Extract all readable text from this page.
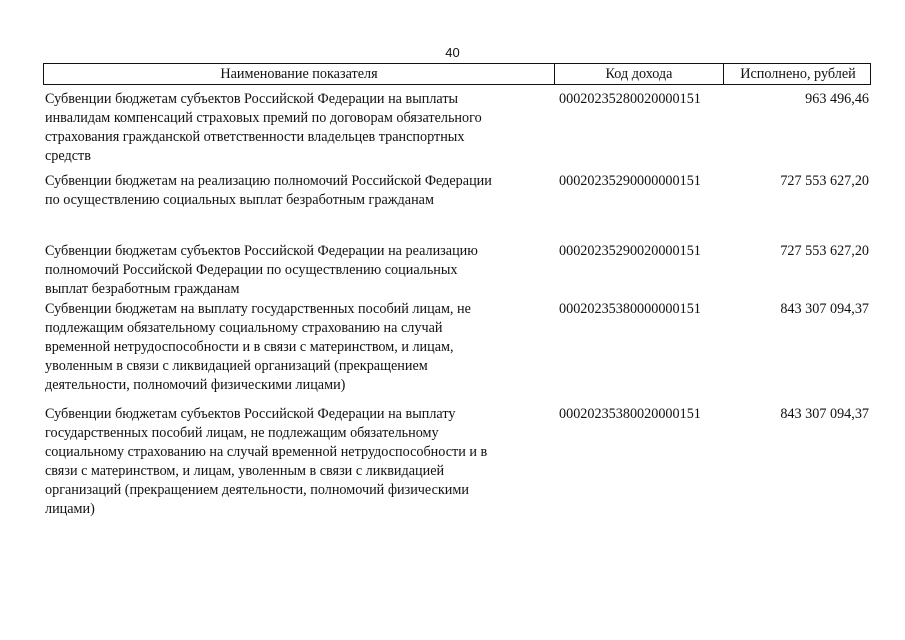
40
Наименование показателя	Код дохода	Исполнено, рублей
Субвенции бюджетам субъектов Российской Федерации на выплаты
инвалидам компенсаций страховых премий по договорам обязательного
страхования гражданской ответственности владельцев транспортных
средств
00020235280020000151	963 496,46
Субвенции бюджетам на реализацию полномочий Российской Федерации
по осуществлению социальных выплат безработным гражданам
00020235290000000151	727 553 627,20
Субвенции бюджетам субъектов Российской Федерации на реализацию
полномочий Российской Федерации по осуществлению социальных
выплат безработным гражданам
00020235290020000151	727 553 627,20
Субвенции бюджетам на выплату государственных пособий лицам, не
подлежащим обязательному социальному страхованию на случай
временной нетрудоспособности и в связи с материнством, и лицам,
уволенным в связи с ликвидацией организаций (прекращением
деятельности, полномочий физическими лицами)
00020235380000000151	843 307 094,37
Субвенции бюджетам субъектов Российской Федерации на выплату
государственных пособий лицам, не подлежащим обязательному
социальному страхованию на случай временной нетрудоспособности и в
связи с материнством, и лицам, уволенным в связи с ликвидацией
организаций (прекращением деятельности, полномочий физическими
лицами)
00020235380020000151	843 307 094,37
